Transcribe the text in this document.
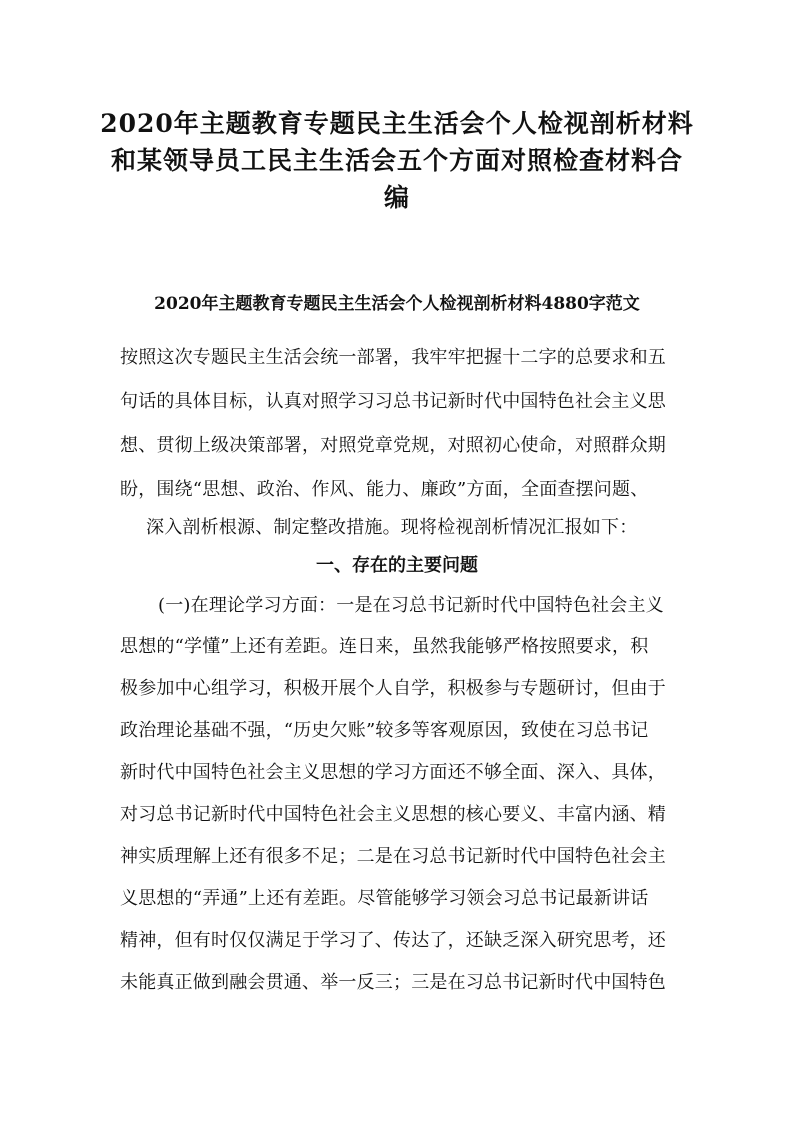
2020年主题教育专题民主生活会个人检视剖析材料
和某领导员工民主生活会五个方面对照检查材料合
编
2020年主题教育专题民主生活会个人检视剖析材料4880字范文
按照这次专题民主生活会统一部署，我牢牢把握十二字的总要求和五
句话的具体目标，认真对照学习习总书记新时代中国特色社会主义思
想、贯彻上级决策部署，对照党章党规，对照初心使命，对照群众期
盼，围绕“思想、政治、作风、能力、廉政”方面，全面查摆问题、
深入剖析根源、制定整改措施。现将检视剖析情况汇报如下：
一、存在的主要问题
(一)在理论学习方面：一是在习总书记新时代中国特色社会主义
思想的“学懂”上还有差距。连日来，虽然我能够严格按照要求，积
极参加中心组学习，积极开展个人自学，积极参与专题研讨，但由于
政治理论基础不强，“历史欠账”较多等客观原因，致使在习总书记
新时代中国特色社会主义思想的学习方面还不够全面、深入、具体，
对习总书记新时代中国特色社会主义思想的核心要义、丰富内涵、精
神实质理解上还有很多不足；二是在习总书记新时代中国特色社会主
义思想的“弄通”上还有差距。尽管能够学习领会习总书记最新讲话
精神，但有时仅仅满足于学习了、传达了，还缺乏深入研究思考，还
未能真正做到融会贯通、举一反三；三是在习总书记新时代中国特色
